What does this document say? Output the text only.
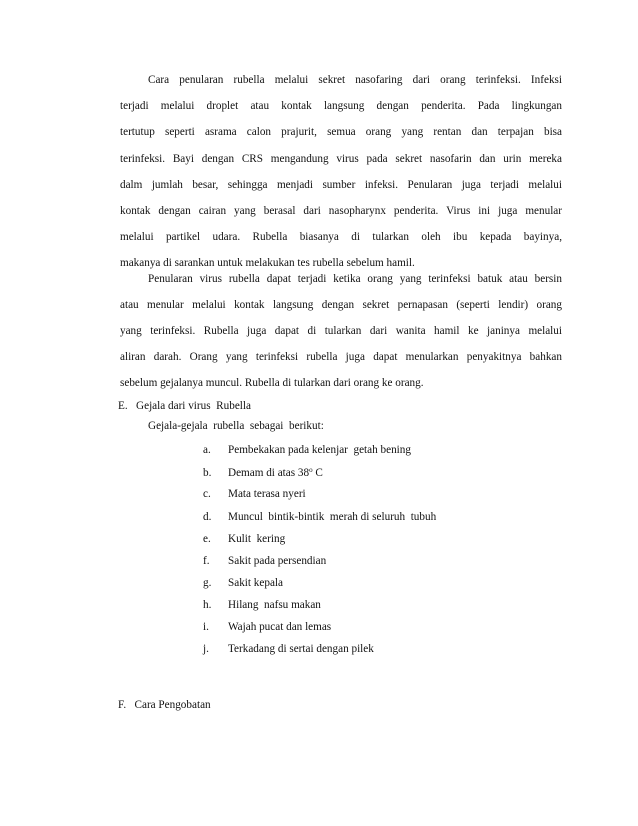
Cara penularan rubella melalui sekret nasofaring dari orang terinfeksi. Infeksi
terjadi melalui droplet atau kontak langsung dengan penderita. Pada lingkungan
tertutup seperti asrama calon prajurit, semua orang yang rentan dan terpajan bisa
terinfeksi. Bayi dengan CRS mengandung virus pada sekret nasofarin dan urin mereka
dalm jumlah besar, sehingga menjadi sumber infeksi. Penularan juga terjadi melalui
kontak dengan cairan yang berasal dari nasopharynx penderita. Virus ini juga menular
melalui partikel udara. Rubella biasanya di tularkan oleh ibu kepada bayinya,
makanya di sarankan untuk melakukan tes rubella sebelum hamil.
Penularan virus rubella dapat terjadi ketika orang yang terinfeksi batuk atau bersin
atau menular melalui kontak langsung dengan sekret pernapasan (seperti lendir) orang
yang terinfeksi. Rubella juga dapat di tularkan dari wanita hamil ke janinya melalui
aliran darah. Orang yang terinfeksi rubella juga dapat menularkan penyakitnya bahkan
sebelum gejalanya muncul. Rubella di tularkan dari orang ke orang.
E.   Gejala dari virus  Rubella
Gejala-gejala  rubella  sebagai  berikut:
a. Pembekakan pada kelenjar  getah bening
b. Demam di atas 38$^o$ C
c. Mata terasa nyeri
d. Muncul  bintik-bintik  merah di seluruh  tubuh
e. Kulit  kering
f. Sakit pada persendian
g. Sakit kepala
h. Hilang  nafsu makan
i. Wajah pucat dan lemas
j. Terkadang di sertai dengan pilek
F.   Cara Pengobatan
